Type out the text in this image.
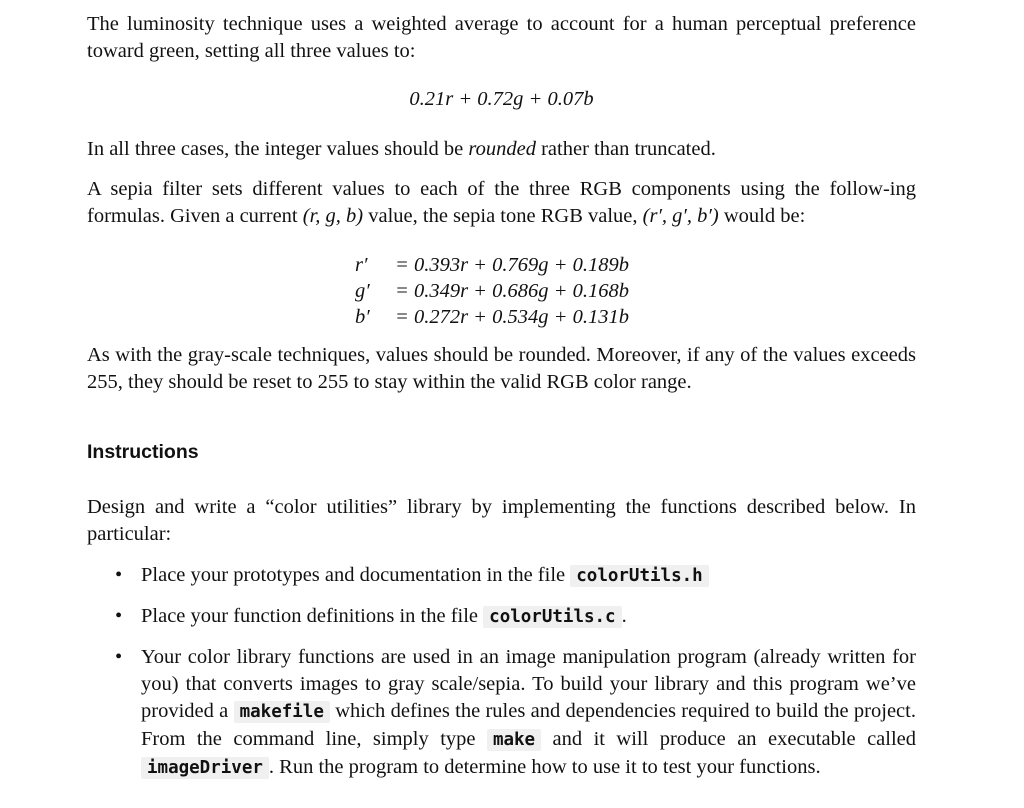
The luminosity technique uses a weighted average to account for a human perceptual preference toward green, setting all three values to:

0.21r + 0.72g + 0.07b

In all three cases, the integer values should be rounded rather than truncated.

A sepia filter sets different values to each of the three RGB components using the follow-ing formulas. Given a current (r, g, b) value, the sepia tone RGB value, (r′, g′, b′) would be:

r′	= 0.393r + 0.769g + 0.189b
g′	= 0.349r + 0.686g + 0.168b
b′	= 0.272r + 0.534g + 0.131b

As with the gray-scale techniques, values should be rounded. Moreover, if any of the values exceeds 255, they should be reset to 255 to stay within the valid RGB color range.

Instructions

Design and write a “color utilities” library by implementing the functions described below. In particular:

• Place your prototypes and documentation in the file colorUtils.h
• Place your function definitions in the file colorUtils.c .
• Your color library functions are used in an image manipulation program (already written for you) that converts images to gray scale/sepia. To build your library and this program we’ve provided a makefile which defines the rules and dependencies required to build the project. From the command line, simply type make and it will produce an executable called imageDriver . Run the program to determine how to use it to test your functions.
